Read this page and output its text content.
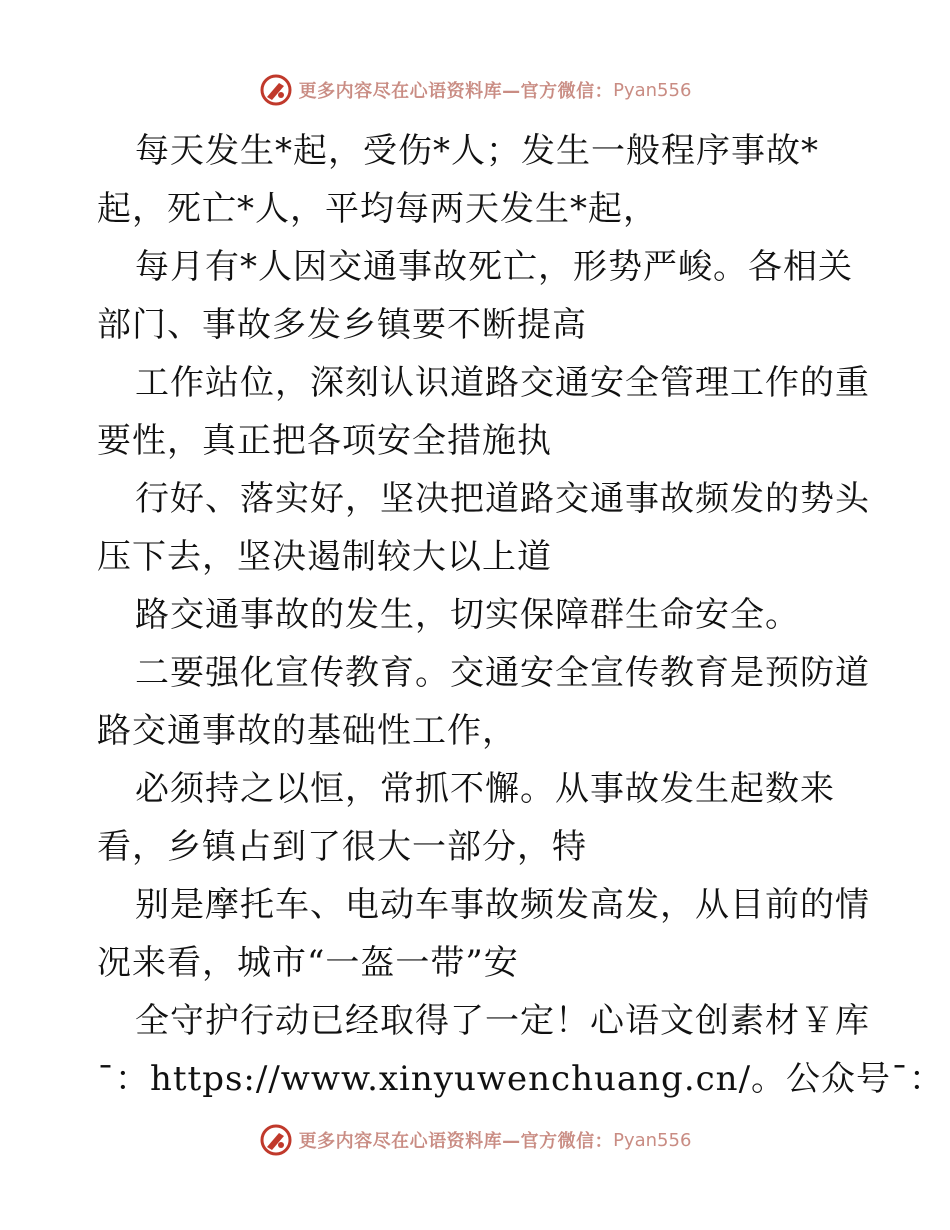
更多内容尽在心语资料库—官方微信： Pyan556
每天发生*起，受伤*人；发生一般程序事故*
起，死亡*人，平均每两天发生*起，
每月有*人因交通事故死亡，形势严峻。各相关
部门、事故多发乡镇要不断提高
工作站位，深刻认识道路交通安全管理工作的重
要性，真正把各项安全措施执
行好、落实好，坚决把道路交通事故频发的势头
压下去，坚决遏制较大以上道
路交通事故的发生，切实保障群生命安全。
二要强化宣传教育。交通安全宣传教育是预防道
路交通事故的基础性工作，
必须持之以恒，常抓不懈。从事故发生起数来
看，乡镇占到了很大一部分，特
别是摩托车、电动车事故频发高发，从目前的情
况来看，城市“一盔一带”安
全守护行动已经取得了一定！心语文创素材￥库
¯：https://www.xinyuwenchuang.cn/。公众号¯：
更多内容尽在心语资料库—官方微信： Pyan556
